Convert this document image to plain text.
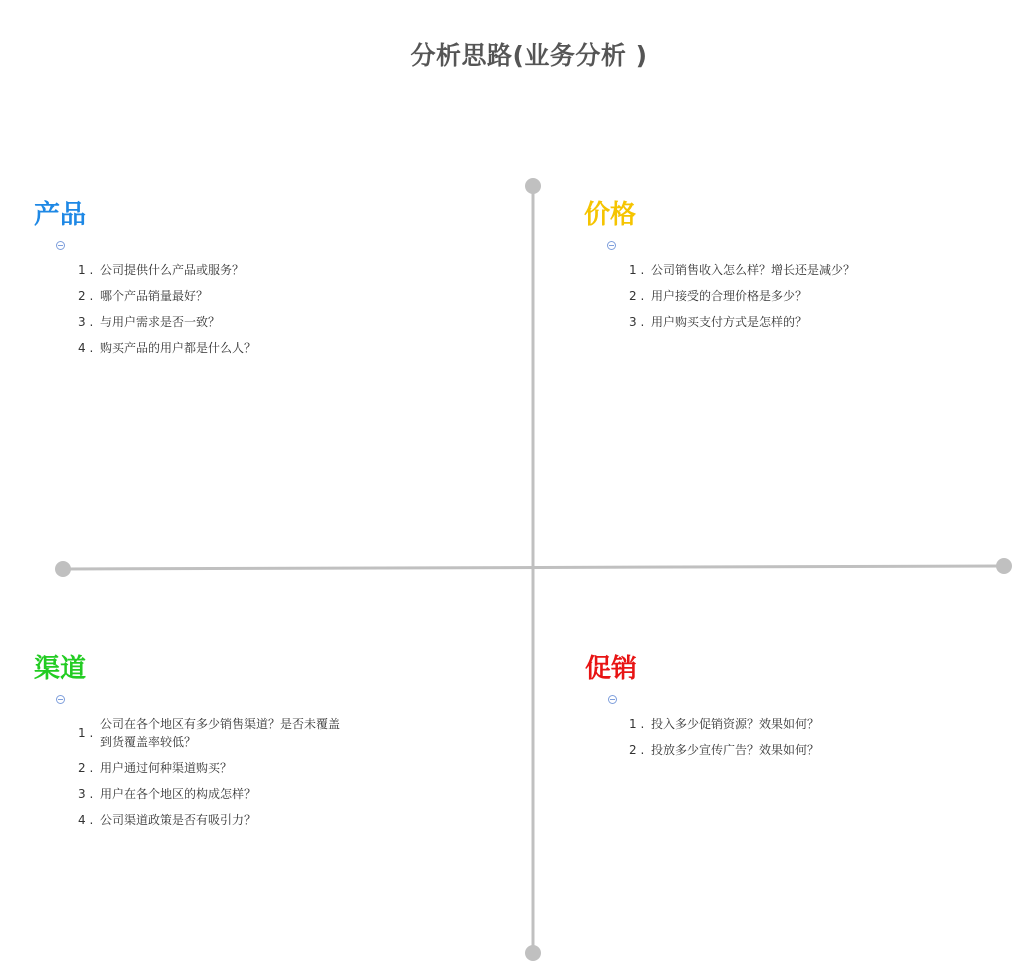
分析思路(业务分析 )
产品
1 . 公司提供什么产品或服务？
2 . 哪个产品销量最好？
3 . 与用户需求是否一致？
4 . 购买产品的用户都是什么人？
价格
1 . 公司销售收入怎么样？增长还是减少？
2 . 用户接受的合理价格是多少？
3 . 用户购买支付方式是怎样的？
渠道
1 .
公司在各个地区有多少销售渠道？是否未覆盖到货覆盖率较低？
2 . 用户通过何种渠道购买？
3 . 用户在各个地区的构成怎样？
4 . 公司渠道政策是否有吸引力？
促销
1 . 投入多少促销资源？效果如何？
2 . 投放多少宣传广告？效果如何？
